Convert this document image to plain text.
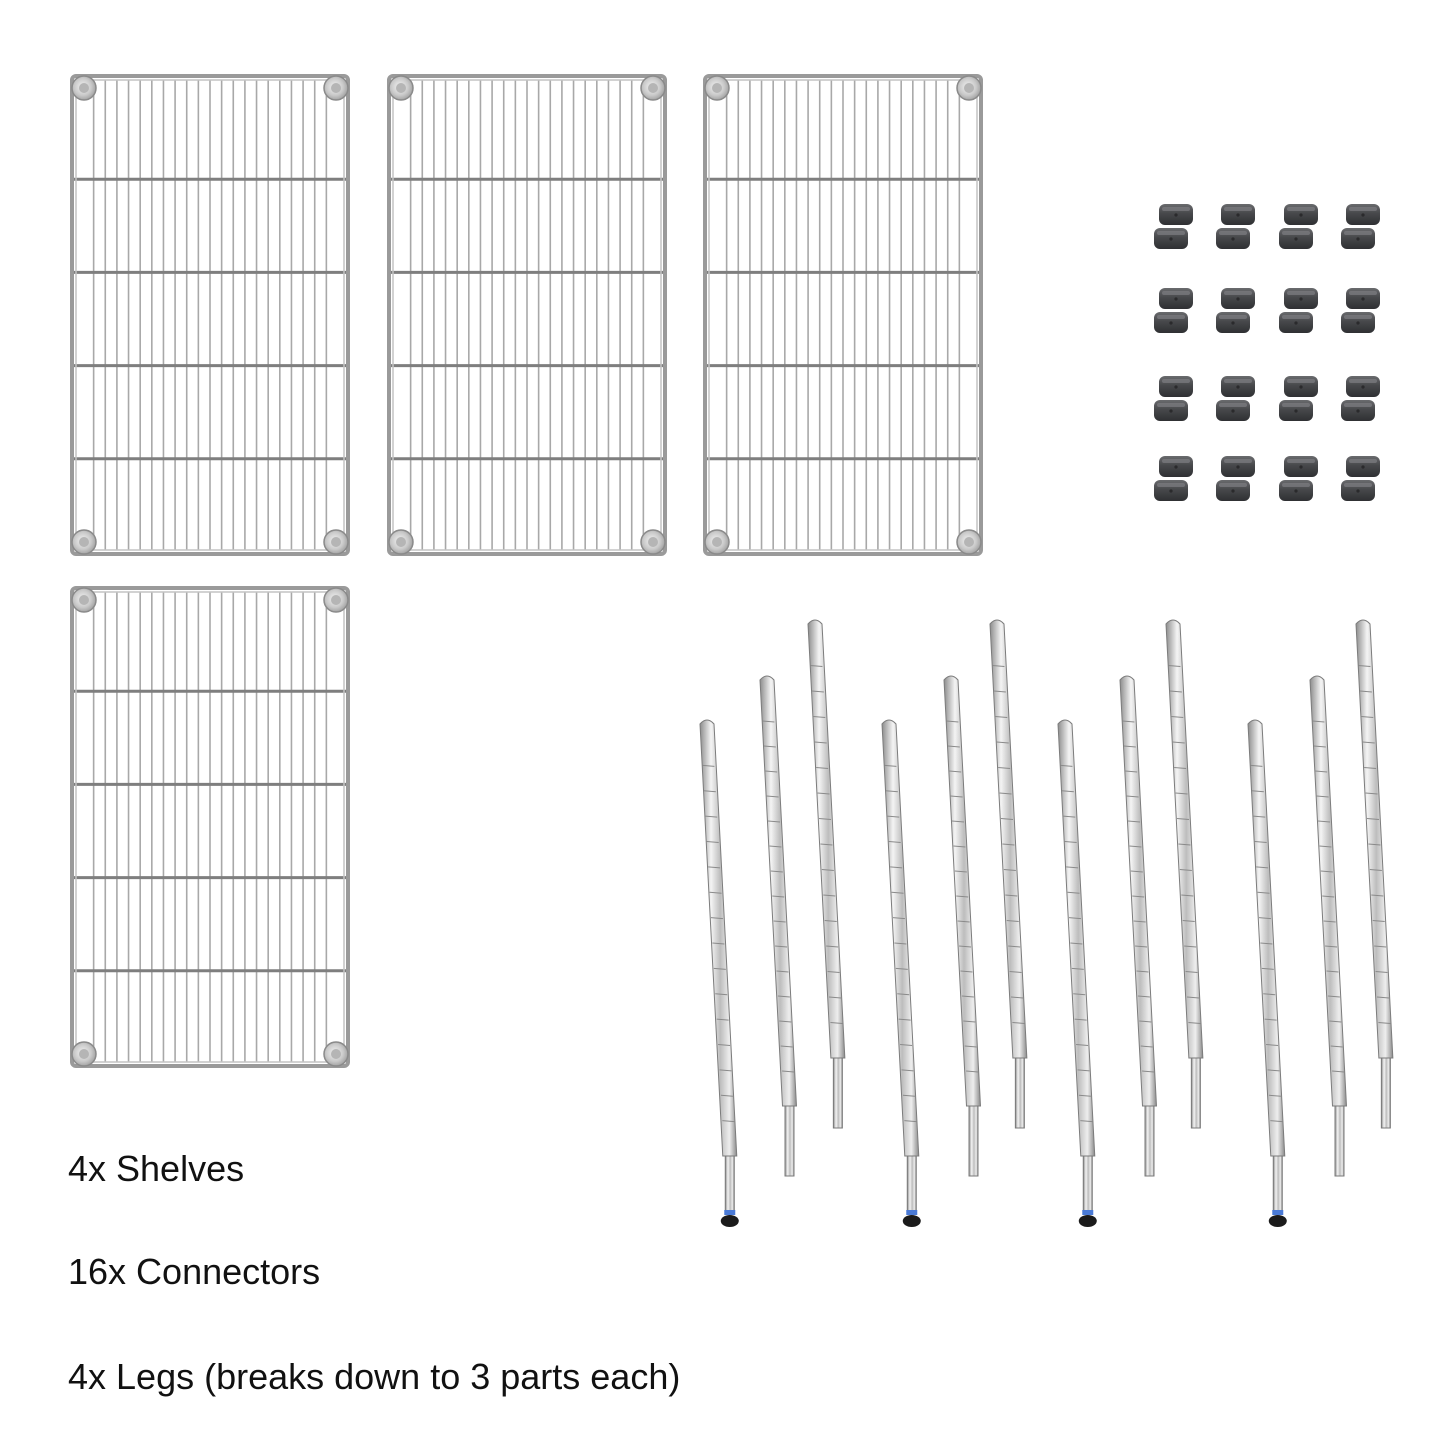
4x Shelves

16x Connectors

4x Legs (breaks down to 3 parts each)
